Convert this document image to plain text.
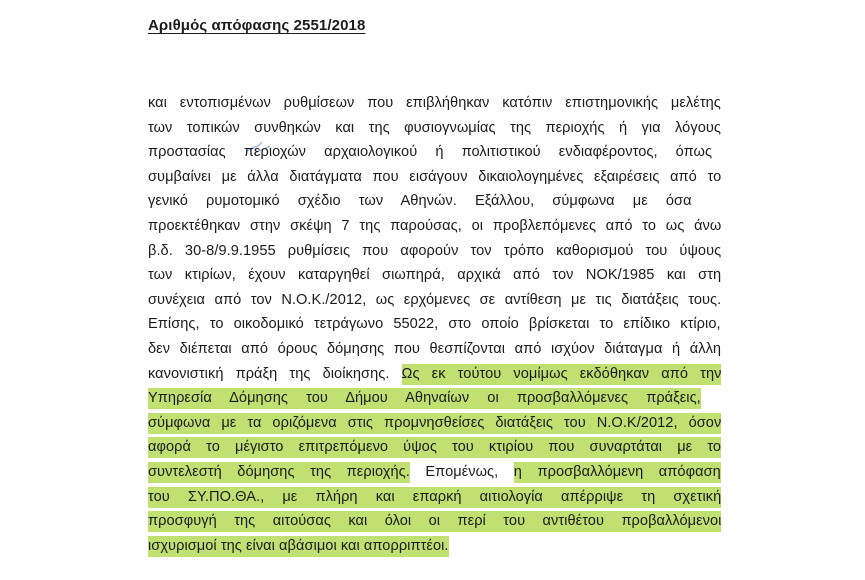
Αριθμός απόφασης 2551/2018
και εντοπισμένων ρυθμίσεων που επιβλήθηκαν κατόπιν επιστημονικής μελέτης
των τοπικών συνθηκών και της φυσιογνωμίας της περιοχής ή για λόγους
προστασίας περιοχών αρχαιολογικού ή πολιτιστικού ενδιαφέροντος, όπως
συμβαίνει με άλλα διατάγματα που εισάγουν δικαιολογημένες εξαιρέσεις από το
γενικό ρυμοτομικό σχέδιο των Αθηνών. Εξάλλου, σύμφωνα με όσα
προεκτέθηκαν στην σκέψη 7 της παρούσας, οι προβλεπόμενες από το ως άνω
β.δ. 30-8/9.9.1955 ρυθμίσεις που αφορούν τον τρόπο καθορισμού του ύψους
των κτιρίων, έχουν καταργηθεί σιωπηρά, αρχικά από τον ΝΟΚ/1985 και στη
συνέχεια από τον Ν.Ο.Κ./2012, ως ερχόμενες σε αντίθεση με τις διατάξεις τους.
Επίσης, το οικοδομικό τετράγωνο 55022, στο οποίο βρίσκεται το επίδικο κτίριο,
δεν διέπεται από όρους δόμησης που θεσπίζονται από ισχύον διάταγμα ή άλλη
κανονιστική πράξη της διοίκησης. Ως εκ τούτου νομίμως εκδόθηκαν από την
Υπηρεσία Δόμησης του Δήμου Αθηναίων οι προσβαλλόμενες πράξεις,
σύμφωνα με τα οριζόμενα στις προμνησθείσες διατάξεις του Ν.Ο.Κ/2012, όσον
αφορά το μέγιστο επιτρεπόμενο ύψος του κτιρίου που συναρτάται με το
συντελεστή δόμησης της περιοχής. Επομένως, η προσβαλλόμενη απόφαση
του ΣΥ.ΠΟ.ΘΑ., με πλήρη και επαρκή αιτιολογία απέρριψε τη σχετική
προσφυγή της αιτούσας και όλοι οι περί του αντιθέτου προβαλλόμενοι
ισχυρισμοί της είναι αβάσιμοι και απορριπτέοι.
